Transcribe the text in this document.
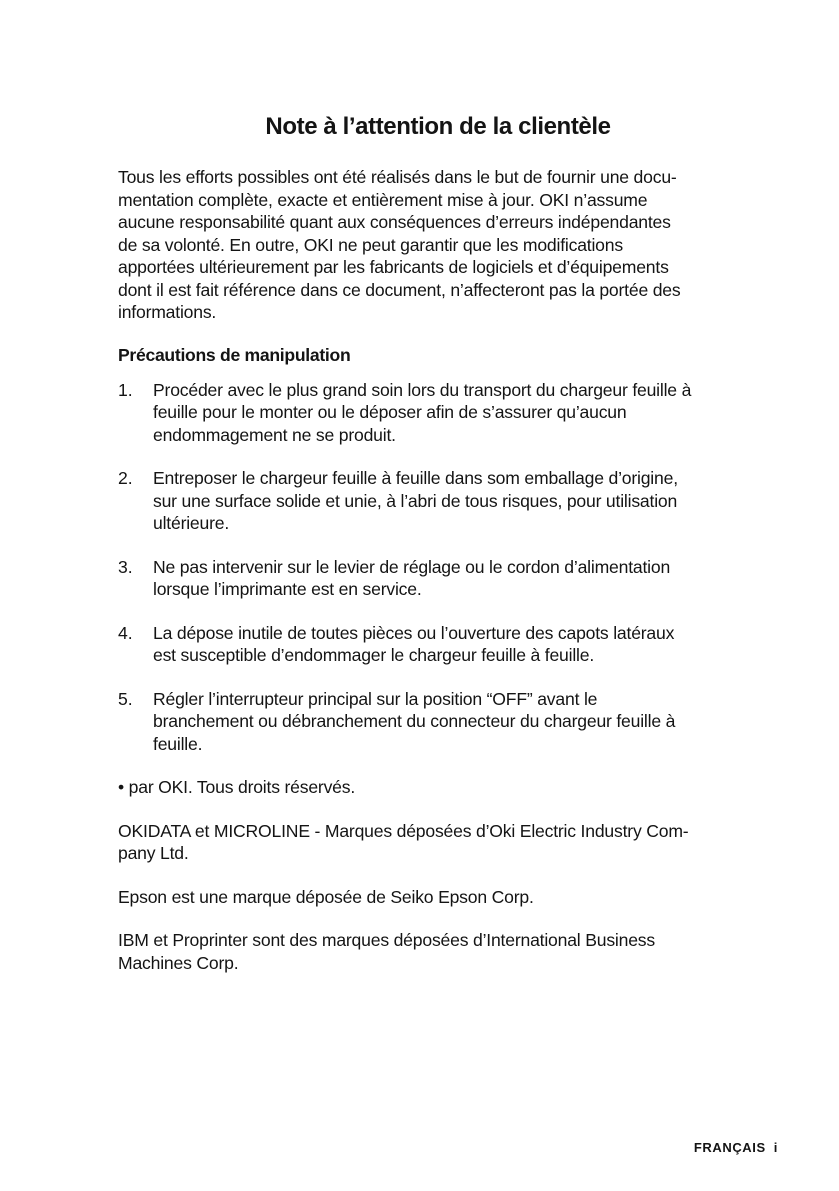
Note à l’attention de la clientèle

Tous les efforts possibles ont été réalisés dans le but de fournir une docu-
mentation complète, exacte et entièrement mise à jour. OKI n’assume
aucune responsabilité quant aux conséquences d’erreurs indépendantes
de sa volonté. En outre, OKI ne peut garantir que les modifications
apportées ultérieurement par les fabricants de logiciels et d’équipements
dont il est fait référence dans ce document, n’affecteront pas la portée des
informations.

Précautions de manipulation
1.	Procéder avec le plus grand soin lors du transport du chargeur feuille à
feuille pour le monter ou le déposer afin de s’assurer qu’aucun
endommagement ne se produit.
2.	Entreposer le chargeur feuille à feuille dans som emballage d’origine,
sur une surface solide et unie, à l’abri de tous risques, pour utilisation
ultérieure.
3.	Ne pas intervenir sur le levier de réglage ou le cordon d’alimentation
lorsque l’imprimante est en service.
4.	La dépose inutile de toutes pièces ou l’ouverture des capots latéraux
est susceptible d’endommager le chargeur feuille à feuille.
5.	Régler l’interrupteur principal sur la position “OFF” avant le
branchement ou débranchement du connecteur du chargeur feuille à
feuille.

• par OKI. Tous droits réservés.

OKIDATA et MICROLINE - Marques déposées d’Oki Electric Industry Com-
pany Ltd.

Epson est une marque déposée de Seiko Epson Corp.

IBM et Proprinter sont des marques déposées d’International Business
Machines Corp.

FRANÇAIS i
